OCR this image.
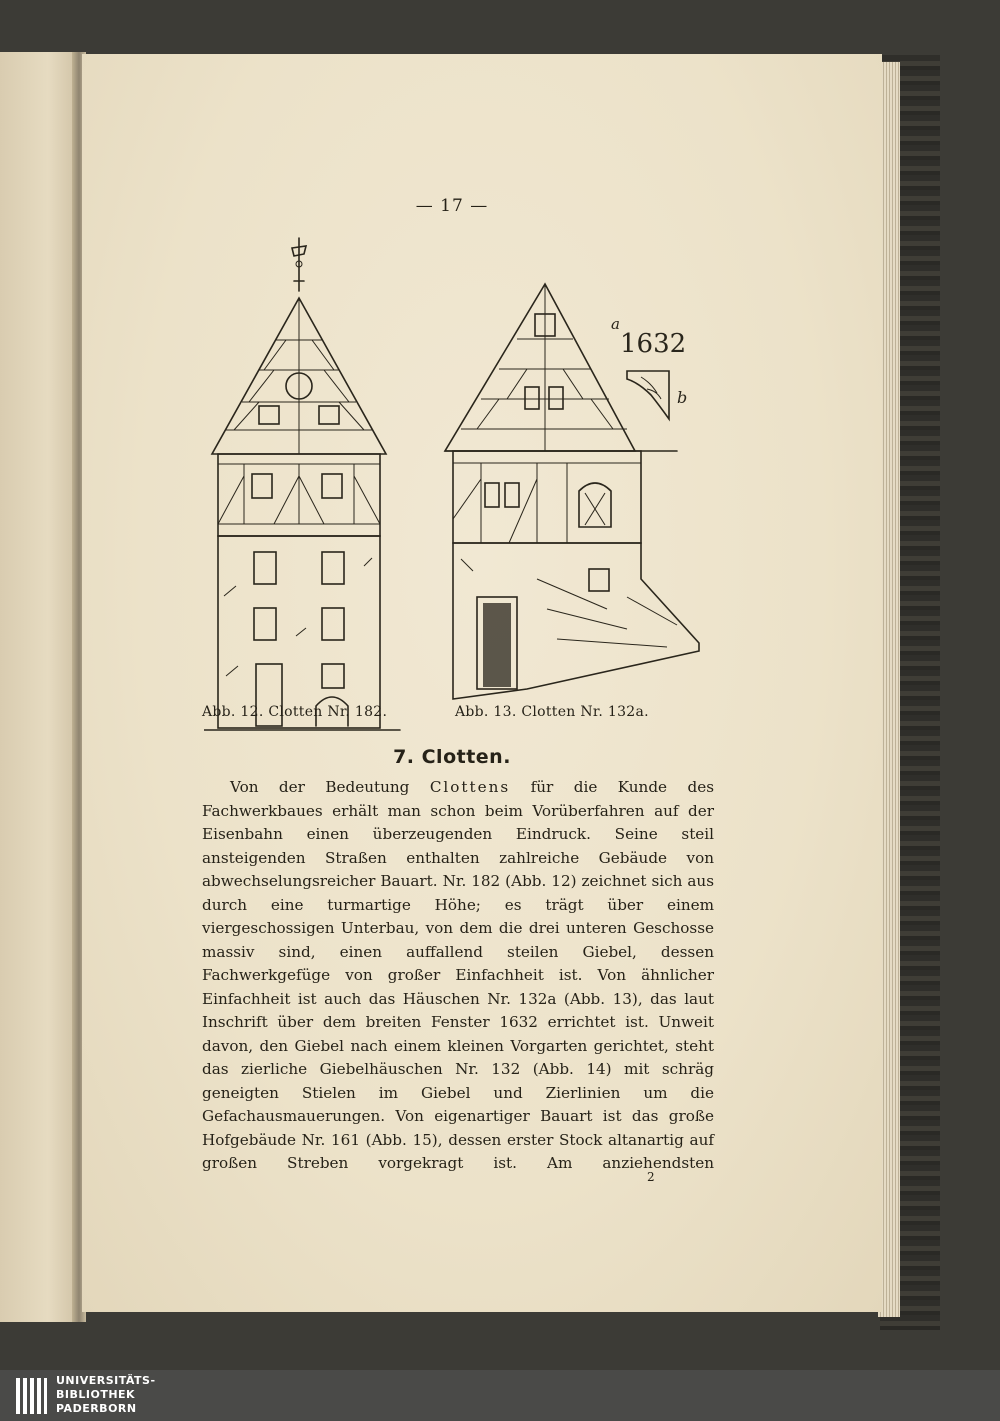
— 17 —
1632
a
b
Abb. 12. Clotten Nr. 182.	Abb. 13. Clotten Nr. 132a.
7. Clotten.

Von der Bedeutung Clottens für die Kunde des Fachwerkbaues erhält man schon beim Vorüberfahren auf der Eisenbahn einen überzeugenden Eindruck. Seine steil ansteigenden Straßen enthalten zahlreiche Gebäude von abwechselungsreicher Bauart. Nr. 182 (Abb. 12) zeichnet sich aus durch eine turmartige Höhe; es trägt über einem viergeschossigen Unterbau, von dem die drei unteren Geschosse massiv sind, einen auffallend steilen Giebel, dessen Fachwerkgefüge von großer Einfachheit ist. Von ähnlicher Einfachheit ist auch das Häuschen Nr. 132a (Abb. 13), das laut Inschrift über dem breiten Fenster 1632 errichtet ist. Unweit davon, den Giebel nach einem kleinen Vorgarten gerichtet, steht das zierliche Giebelhäuschen Nr. 132 (Abb. 14) mit schräg geneigten Stielen im Giebel und Zierlinien um die Gefachausmauerungen. Von eigenartiger Bauart ist das große Hofgebäude Nr. 161 (Abb. 15), dessen erster Stock altanartig auf großen Streben vorgekragt ist. Am anziehendsten

2
UNIVERSITÄTS-
BIBLIOTHEK
PADERBORN
